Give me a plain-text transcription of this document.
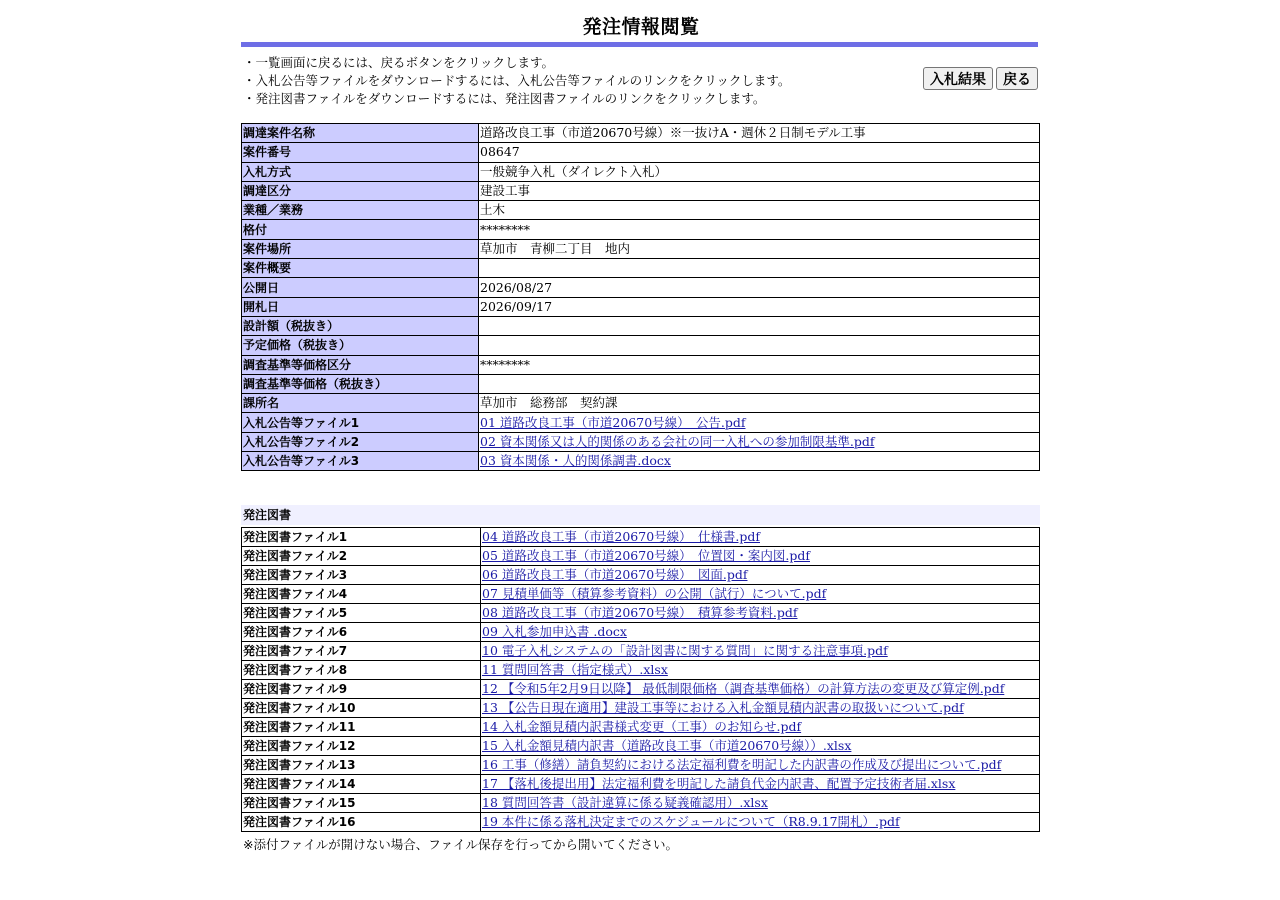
発注情報閲覧
・一覧画面に戻るには、戻るボタンをクリックします。
・入札公告等ファイルをダウンロードするには、入札公告等ファイルのリンクをクリックします。
・発注図書ファイルをダウンロードするには、発注図書ファイルのリンクをクリックします。
入札結果	戻る
調達案件名称	道路改良工事（市道20670号線）※一抜けA・週休２日制モデル工事
案件番号	08647
入札方式	一般競争入札（ダイレクト入札）
調達区分	建設工事
業種／業務	土木
格付	********
案件場所	草加市　青柳二丁目　地内
案件概要	
公開日	2026/08/27
開札日	2026/09/17
設計額（税抜き）	
予定価格（税抜き）	
調査基準等価格区分	********
調査基準等価格（税抜き）	
課所名	草加市　総務部　契約課
入札公告等ファイル1	01 道路改良工事（市道20670号線）　公告.pdf
入札公告等ファイル2	02 資本関係又は人的関係のある会社の同一入札への参加制限基準.pdf
入札公告等ファイル3	03 資本関係・人的関係調書.docx
発注図書
発注図書ファイル1	04 道路改良工事（市道20670号線）　仕様書.pdf
発注図書ファイル2	05 道路改良工事（市道20670号線）　位置図・案内図.pdf
発注図書ファイル3	06 道路改良工事（市道20670号線）　図面.pdf
発注図書ファイル4	07 見積単価等（積算参考資料）の公開（試行）について.pdf
発注図書ファイル5	08 道路改良工事（市道20670号線）　積算参考資料.pdf
発注図書ファイル6	09 入札参加申込書 .docx
発注図書ファイル7	10 電子入札システムの「設計図書に関する質問」に関する注意事項.pdf
発注図書ファイル8	11 質問回答書（指定様式）.xlsx
発注図書ファイル9	12 【令和5年2月9日以降】 最低制限価格（調査基準価格）の計算方法の変更及び算定例.pdf
発注図書ファイル10	13 【公告日現在適用】建設工事等における入札金額見積内訳書の取扱いについて.pdf
発注図書ファイル11	14 入札金額見積内訳書様式変更（工事）のお知らせ.pdf
発注図書ファイル12	15 入札金額見積内訳書（道路改良工事（市道20670号線））.xlsx
発注図書ファイル13	16 工事（修繕）請負契約における法定福利費を明記した内訳書の作成及び提出について.pdf
発注図書ファイル14	17 【落札後提出用】法定福利費を明記した請負代金内訳書、配置予定技術者届.xlsx
発注図書ファイル15	18 質問回答書（設計違算に係る疑義確認用）.xlsx
発注図書ファイル16	19 本件に係る落札決定までのスケジュールについて（R8.9.17開札）.pdf
※添付ファイルが開けない場合、ファイル保存を行ってから開いてください。
